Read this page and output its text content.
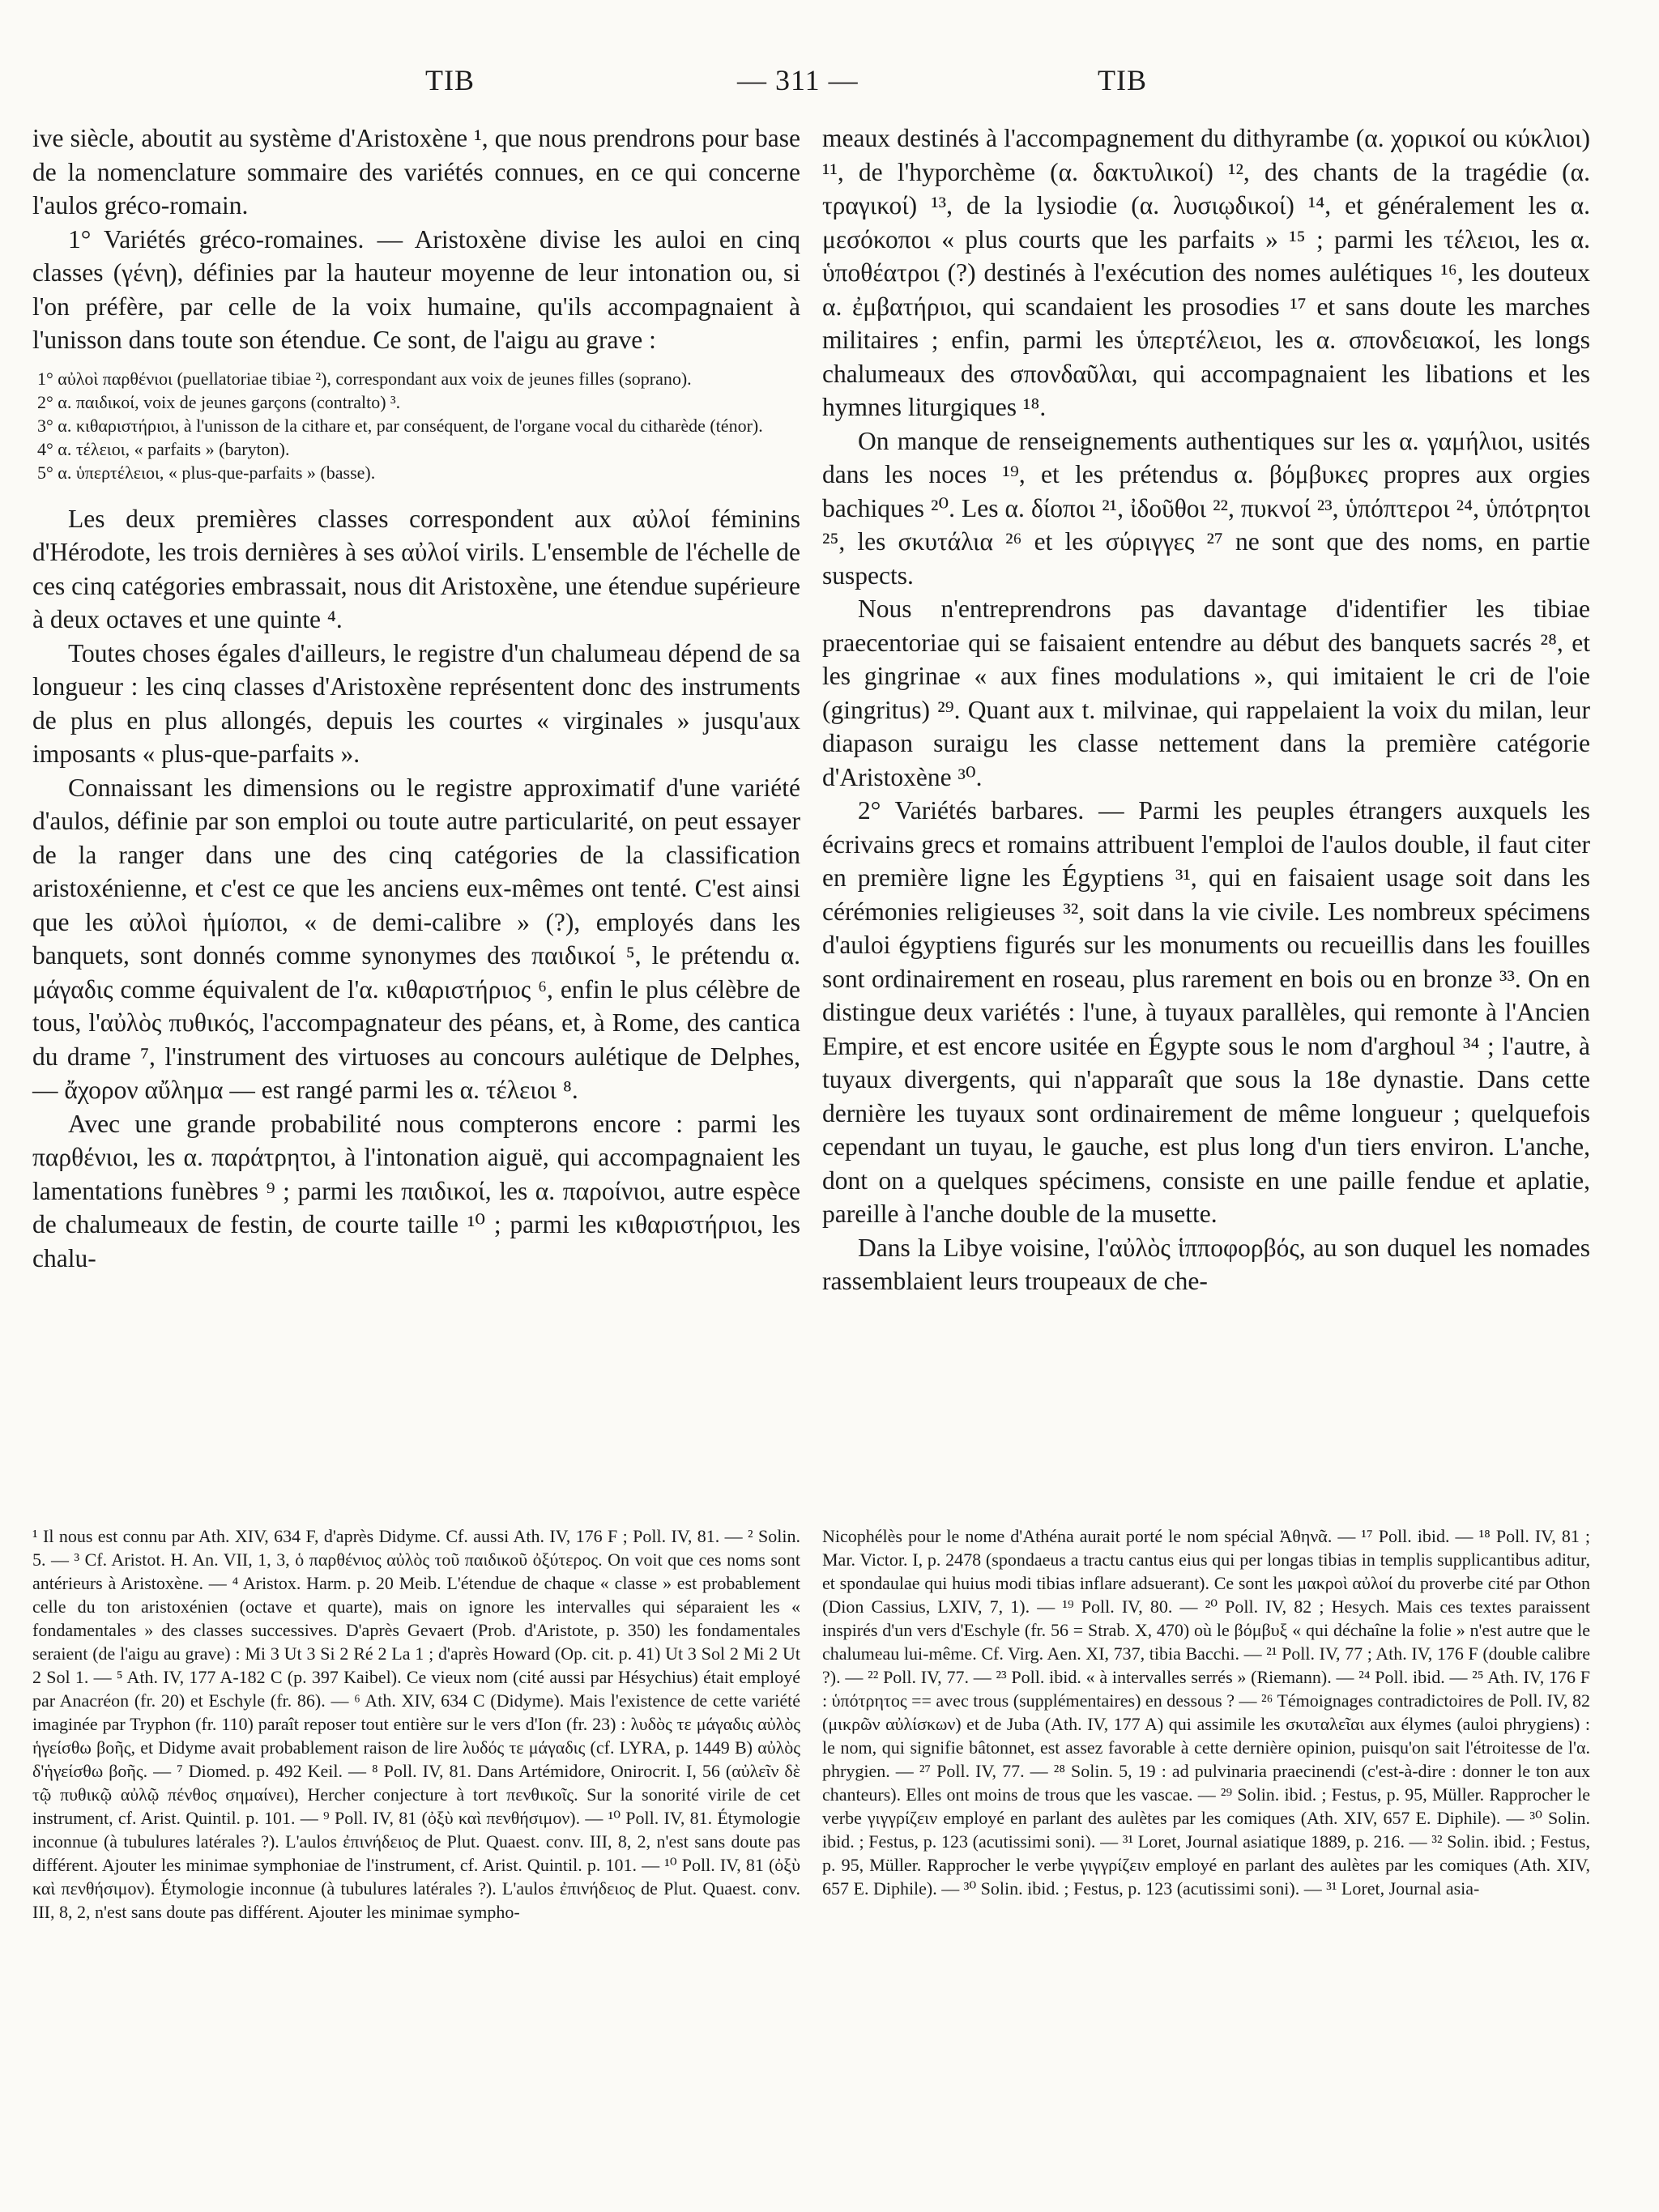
TIB	— 311 —	TIB

ive siècle, aboutit au système d'Aristoxène ¹, que nous prendrons pour base de la nomenclature sommaire des variétés connues, en ce qui concerne l'aulos gréco-romain.

1° Variétés gréco-romaines. — Aristoxène divise les auloi en cinq classes (γένη), définies par la hauteur moyenne de leur intonation ou, si l'on préfère, par celle de la voix humaine, qu'ils accompagnaient à l'unisson dans toute son étendue. Ce sont, de l'aigu au grave :

1° αὐλοὶ παρθένιοι (puellatoriae tibiae ²), correspondant aux voix de jeunes filles (soprano).
2° α. παιδικοί, voix de jeunes garçons (contralto) ³.
3° α. κιθαριστήριοι, à l'unisson de la cithare et, par conséquent, de l'organe vocal du citharède (ténor).
4° α. τέλειοι, « parfaits » (baryton).
5° α. ὑπερτέλειοι, « plus-que-parfaits » (basse).

Les deux premières classes correspondent aux αὐλοί féminins d'Hérodote, les trois dernières à ses αὐλοί virils. L'ensemble de l'échelle de ces cinq catégories embrassait, nous dit Aristoxène, une étendue supérieure à deux octaves et une quinte ⁴.

Toutes choses égales d'ailleurs, le registre d'un chalumeau dépend de sa longueur : les cinq classes d'Aristoxène représentent donc des instruments de plus en plus allongés, depuis les courtes « virginales » jusqu'aux imposants « plus-que-parfaits ».

Connaissant les dimensions ou le registre approximatif d'une variété d'aulos, définie par son emploi ou toute autre particularité, on peut essayer de la ranger dans une des cinq catégories de la classification aristoxénienne, et c'est ce que les anciens eux-mêmes ont tenté. C'est ainsi que les αὐλοὶ ἡμίοποι, « de demi-calibre » (?), employés dans les banquets, sont donnés comme synonymes des παιδικοί ⁵, le prétendu α. μάγαδις comme équivalent de l'α. κιθαριστήριος ⁶, enfin le plus célèbre de tous, l'αὐλὸς πυθικός, l'accompagnateur des péans, et, à Rome, des cantica du drame ⁷, l'instrument des virtuoses au concours aulétique de Delphes, — ἄχορον αὔλημα — est rangé parmi les α. τέλειοι ⁸.

Avec une grande probabilité nous compterons encore : parmi les παρθένιοι, les α. παράτρητοι, à l'intonation aiguë, qui accompagnaient les lamentations funèbres ⁹ ; parmi les παιδικοί, les α. παροίνιοι, autre espèce de chalumeaux de festin, de courte taille ¹⁰ ; parmi les κιθαριστήριοι, les chalu-

meaux destinés à l'accompagnement du dithyrambe (α. χορικοί ou κύκλιοι) ¹¹, de l'hyporchème (α. δακτυλικοί) ¹², des chants de la tragédie (α. τραγικοί) ¹³, de la lysiodie (α. λυσιῳδικοί) ¹⁴, et généralement les α. μεσόκοποι « plus courts que les parfaits » ¹⁵ ; parmi les τέλειοι, les α. ὑποθέατροι (?) destinés à l'exécution des nomes aulétiques ¹⁶, les douteux α. ἐμβατήριοι, qui scandaient les prosodies ¹⁷ et sans doute les marches militaires ; enfin, parmi les ὑπερτέλειοι, les α. σπονδειακοί, les longs chalumeaux des σπονδαῦλαι, qui accompagnaient les libations et les hymnes liturgiques ¹⁸.

On manque de renseignements authentiques sur les α. γαμήλιοι, usités dans les noces ¹⁹, et les prétendus α. βόμβυκες propres aux orgies bachiques ²⁰. Les α. δίοποι ²¹, ἰδοῦθοι ²², πυκνοί ²³, ὑπόπτεροι ²⁴, ὑπότρητοι ²⁵, les σκυτάλια ²⁶ et les σύριγγες ²⁷ ne sont que des noms, en partie suspects.

Nous n'entreprendrons pas davantage d'identifier les tibiae praecentoriae qui se faisaient entendre au début des banquets sacrés ²⁸, et les gingrinae « aux fines modulations », qui imitaient le cri de l'oie (gingritus) ²⁹. Quant aux t. milvinae, qui rappelaient la voix du milan, leur diapason suraigu les classe nettement dans la première catégorie d'Aristoxène ³⁰.

2° Variétés barbares. — Parmi les peuples étrangers auxquels les écrivains grecs et romains attribuent l'emploi de l'aulos double, il faut citer en première ligne les Égyptiens ³¹, qui en faisaient usage soit dans les cérémonies religieuses ³², soit dans la vie civile. Les nombreux spécimens d'auloi égyptiens figurés sur les monuments ou recueillis dans les fouilles sont ordinairement en roseau, plus rarement en bois ou en bronze ³³. On en distingue deux variétés : l'une, à tuyaux parallèles, qui remonte à l'Ancien Empire, et est encore usitée en Égypte sous le nom d'arghoul ³⁴ ; l'autre, à tuyaux divergents, qui n'apparaît que sous la 18e dynastie. Dans cette dernière les tuyaux sont ordinairement de même longueur ; quelquefois cependant un tuyau, le gauche, est plus long d'un tiers environ. L'anche, dont on a quelques spécimens, consiste en une paille fendue et aplatie, pareille à l'anche double de la musette.

Dans la Libye voisine, l'αὐλὸς ἱπποφορβός, au son duquel les nomades rassemblaient leurs troupeaux de che-

¹ Il nous est connu par Ath. XIV, 634 F, d'après Didyme. Cf. aussi Ath. IV, 176 F ; Poll. IV, 81. — ² Solin. 5. — ³ Cf. Aristot. H. An. VII, 1, 3, ὁ παρθένιος αὐλὸς τοῦ παιδικοῦ ὀξύτερος. On voit que ces noms sont antérieurs à Aristoxène. — ⁴ Aristox. Harm. p. 20 Meib. L'étendue de chaque « classe » est probablement celle du ton aristoxénien (octave et quarte), mais on ignore les intervalles qui séparaient les « fondamentales » des classes successives. D'après Gevaert (Prob. d'Aristote, p. 350) les fondamentales seraient (de l'aigu au grave) : Mi 3 Ut 3 Si 2 Ré 2 La 1 ; d'après Howard (Op. cit. p. 41) Ut 3 Sol 2 Mi 2 Ut 2 Sol 1. — ⁵ Ath. IV, 177 A-182 C (p. 397 Kaibel). Ce vieux nom (cité aussi par Hésychius) était employé par Anacréon (fr. 20) et Eschyle (fr. 86). — ⁶ Ath. XIV, 634 C (Didyme). Mais l'existence de cette variété imaginée par Tryphon (fr. 110) paraît reposer tout entière sur le vers d'Ion (fr. 23) : λυδὸς τε μάγαδις αὐλὸς ἡγείσθω βοῆς, et Didyme avait probablement raison de lire λυδός τε μάγαδις (cf. LYRA, p. 1449 B) αὐλὸς δ'ἡγείσθω βοῆς. — ⁷ Diomed. p. 492 Keil. — ⁸ Poll. IV, 81. Dans Artémidore, Onirocrit. I, 56 (αὐλεῖν δὲ τῷ πυθικῷ αὐλῷ πένθος σημαίνει), Hercher conjecture à tort πενθικοῖς. Sur la sonorité virile de cet instrument, cf. Arist. Quintil. p. 101. — ⁹ Poll. IV, 81 (ὀξὺ καὶ πενθήσιμον). — ¹⁰ Poll. IV, 81. Étymologie inconnue (à tubulures latérales ?). L'aulos ἐπινήδειος de Plut. Quaest. conv. III, 8, 2, n'est sans doute pas différent. Ajouter les minimae symphoniae de l'instrument, cf. Arist. Quintil. p. 101. — ¹⁰ Poll. IV, 81 (ὀξὺ καὶ πενθήσιμον). Étymologie inconnue (à tubulures latérales ?). L'aulos ἐπινήδειος de Plut. Quaest. conv. III, 8, 2, n'est sans doute pas différent. Ajouter les minimae sympho-

Nicophélès pour le nome d'Athéna aurait porté le nom spécial Ἀθηνᾶ. — ¹⁷ Poll. ibid. — ¹⁸ Poll. IV, 81 ; Mar. Victor. I, p. 2478 (spondaeus a tractu cantus eius qui per longas tibias in templis supplicantibus aditur, et spondaulae qui huius modi tibias inflare adsuerant). Ce sont les μακροὶ αὐλοί du proverbe cité par Othon (Dion Cassius, LXIV, 7, 1). — ¹⁹ Poll. IV, 80. — ²⁰ Poll. IV, 82 ; Hesych. Mais ces textes paraissent inspirés d'un vers d'Eschyle (fr. 56 = Strab. X, 470) où le βόμβυξ « qui déchaîne la folie » n'est autre que le chalumeau lui-même. Cf. Virg. Aen. XI, 737, tibia Bacchi. — ²¹ Poll. IV, 77 ; Ath. IV, 176 F (double calibre ?). — ²² Poll. IV, 77. — ²³ Poll. ibid. « à intervalles serrés » (Riemann). — ²⁴ Poll. ibid. — ²⁵ Ath. IV, 176 F : ὑπότρητος == avec trous (supplémentaires) en dessous ? — ²⁶ Témoignages contradictoires de Poll. IV, 82 (μικρῶν αὐλίσκων) et de Juba (Ath. IV, 177 A) qui assimile les σκυταλεῖαι aux élymes (auloi phrygiens) : le nom, qui signifie bâtonnet, est assez favorable à cette dernière opinion, puisqu'on sait l'étroitesse de l'α. phrygien. — ²⁷ Poll. IV, 77. — ²⁸ Solin. 5, 19 : ad pulvinaria praecinendi (c'est-à-dire : donner le ton aux chanteurs). Elles ont moins de trous que les vascae. — ²⁹ Solin. ibid. ; Festus, p. 95, Müller. Rapprocher le verbe γιγγρίζειν employé en parlant des aulètes par les comiques (Ath. XIV, 657 E. Diphile). — ³⁰ Solin. ibid. ; Festus, p. 123 (acutissimi soni). — ³¹ Loret, Journal asiatique 1889, p. 216. — ³² Solin. ibid. ; Festus, p. 95, Müller. Rapprocher le verbe γιγγρίζειν employé en parlant des aulètes par les comiques (Ath. XIV, 657 E. Diphile). — ³⁰ Solin. ibid. ; Festus, p. 123 (acutissimi soni). — ³¹ Loret, Journal asia-
